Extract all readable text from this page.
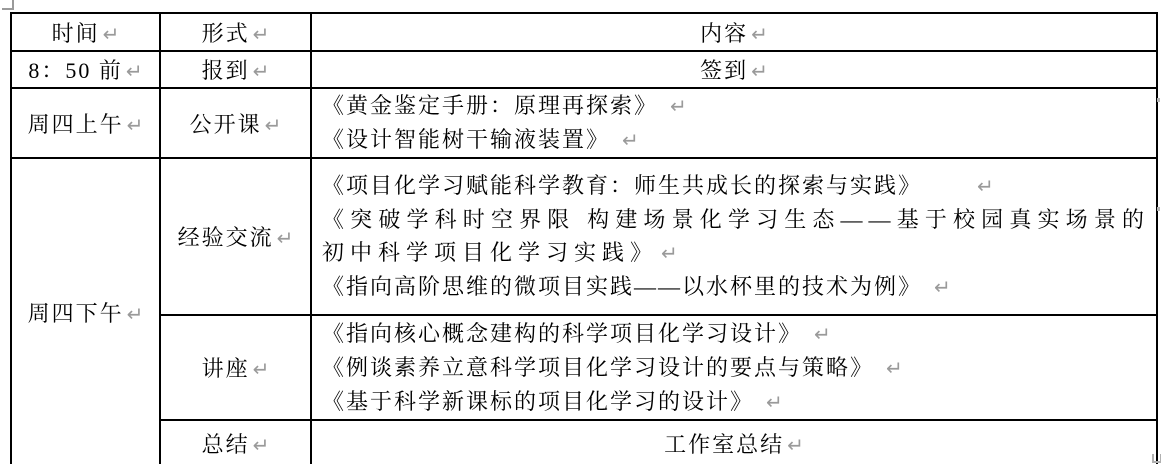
时间 ↵	形式 ↵	内容 ↵
8：50 前 ↵	报到 ↵	签到 ↵
周四上午 ↵	公开课 ↵	《黄金鉴定手册：原理再探索》 ↵
《设计智能树干输液装置》 ↵

周四下午 ↵	经验交流 ↵	《项目化学习赋能科学教育：师生共成长的探索与实践》 ↵
《突破学科时空界限 构建场景化学习生态——基于校园真实场景的初中科学项目化学习实践》 ↵
《指向高阶思维的微项目实践——以水杯里的技术为例》 ↵

	讲座 ↵	《指向核心概念建构的科学项目化学习设计》 ↵
《例谈素养立意科学项目化学习设计的要点与策略》 ↵
《基于科学新课标的项目化学习的设计》 ↵

	总结 ↵	工作室总结 ↵
